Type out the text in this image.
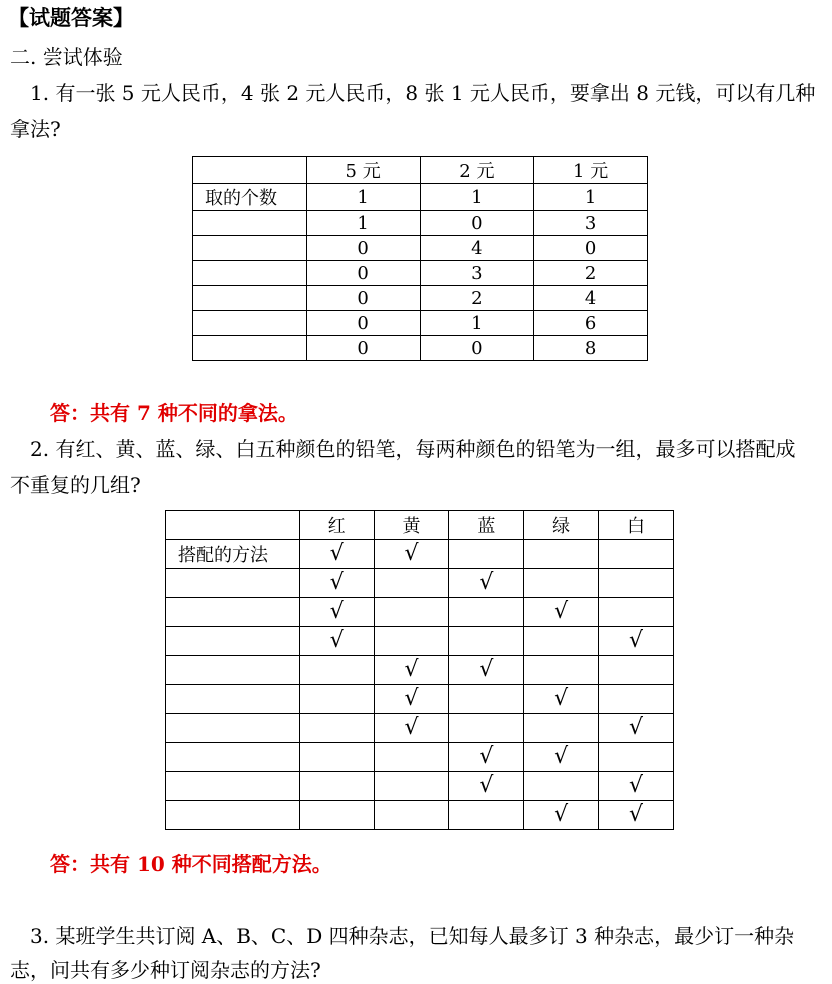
【试题答案】
二. 尝试体验
1. 有一张 5 元人民币，4 张 2 元人民币，8 张 1 元人民币，要拿出 8 元钱，可以有几种
拿法?
	5 元	2 元	1 元
取的个数	1	1	1
	1	0	3
	0	4	0
	0	3	2
	0	2	4
	0	1	6
	0	0	8
答：共有 7 种不同的拿法。
2. 有红、黄、蓝、绿、白五种颜色的铅笔，每两种颜色的铅笔为一组，最多可以搭配成
不重复的几组?
	红	黄	蓝	绿	白
搭配的方法	√	√			
	√		√		
	√			√	
	√				√
		√	√		
		√		√	
		√			√
			√	√	
			√		√
				√	√
答：共有 10 种不同搭配方法。
3. 某班学生共订阅 A、B、C、D 四种杂志，已知每人最多订 3 种杂志，最少订一种杂
志，问共有多少种订阅杂志的方法?
